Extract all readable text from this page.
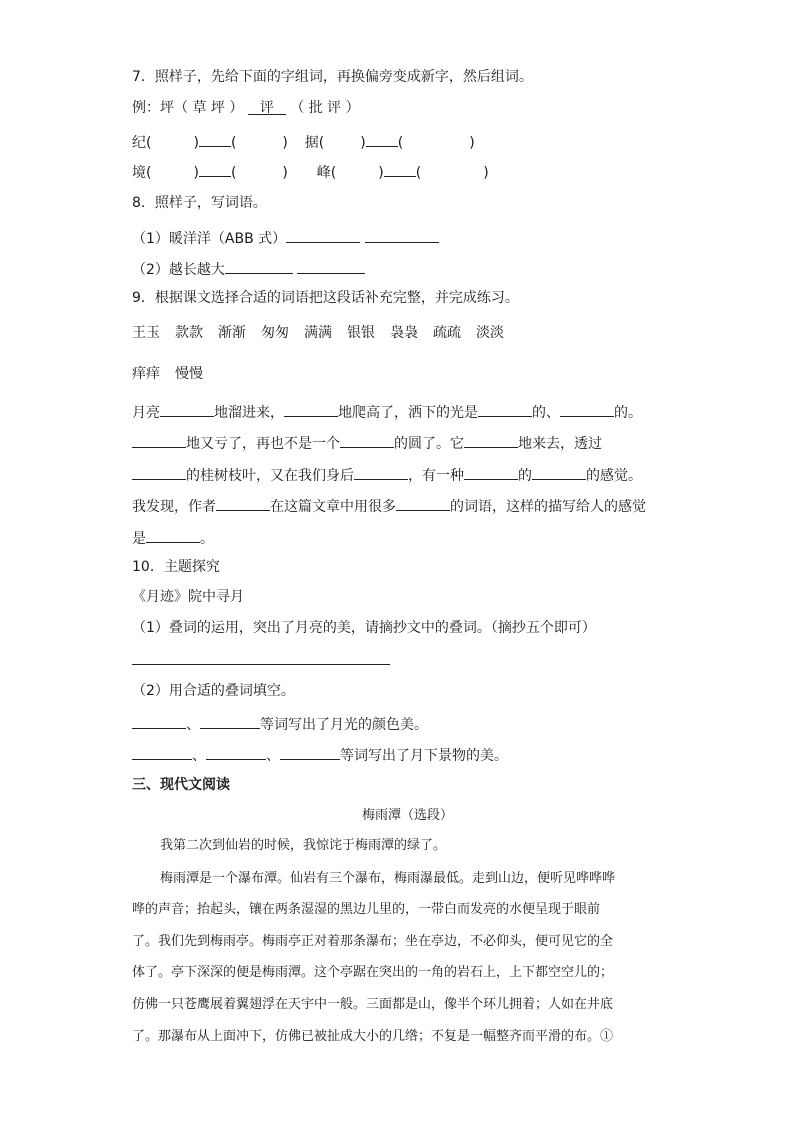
7．照样子，先给下面的字组词，再换偏旁变成新字，然后组词。
例：坪（ 草 坪 ） 评 （ 批 评 ）
纪(	) (	) 据(	) (	)
境(	) (	) 峰(	) (	)
8．照样子，写词语。
（1）暖洋洋（ABB 式）
（2）越长越大
9．根据课文选择合适的词语把这段话补充完整，并完成练习。
王玉 款款 渐渐 匆匆 满满 银银 袅袅 疏疏 淡淡
痒痒 慢慢
月亮	地溜进来，	地爬高了，洒下的光是	的、	的。
地又亏了，再也不是一个	的圆了。它	地来去，透过
的桂树枝叶，又在我们身后	，有一种	的	的感觉。
我发现，作者	在这篇文章中用很多	的词语，这样的描写给人的感觉
是	。
10．主题探究
《月迹》院中寻月
（1）叠词的运用，突出了月亮的美，请摘抄文中的叠词。（摘抄五个即可）
（2）用合适的叠词填空。
、	等词写出了月光的颜色美。
、	、	等词写出了月下景物的美。
三、现代文阅读
梅雨潭（选段）
我第二次到仙岩的时候，我惊诧于梅雨潭的绿了。
梅雨潭是一个瀑布潭。仙岩有三个瀑布，梅雨瀑最低。走到山边，便听见哗哗哗
哗的声音；抬起头，镶在两条湿湿的黑边儿里的，一带白而发亮的水便呈现于眼前
了。我们先到梅雨亭。梅雨亭正对着那条瀑布；坐在亭边，不必仰头，便可见它的全
体了。亭下深深的便是梅雨潭。这个亭踞在突出的一角的岩石上，上下都空空儿的；
仿佛一只苍鹰展着翼翅浮在天宇中一般。三面都是山，像半个环儿拥着；人如在井底
了。那瀑布从上面冲下，仿佛已被扯成大小的几绺；不复是一幅整齐而平滑的布。①
